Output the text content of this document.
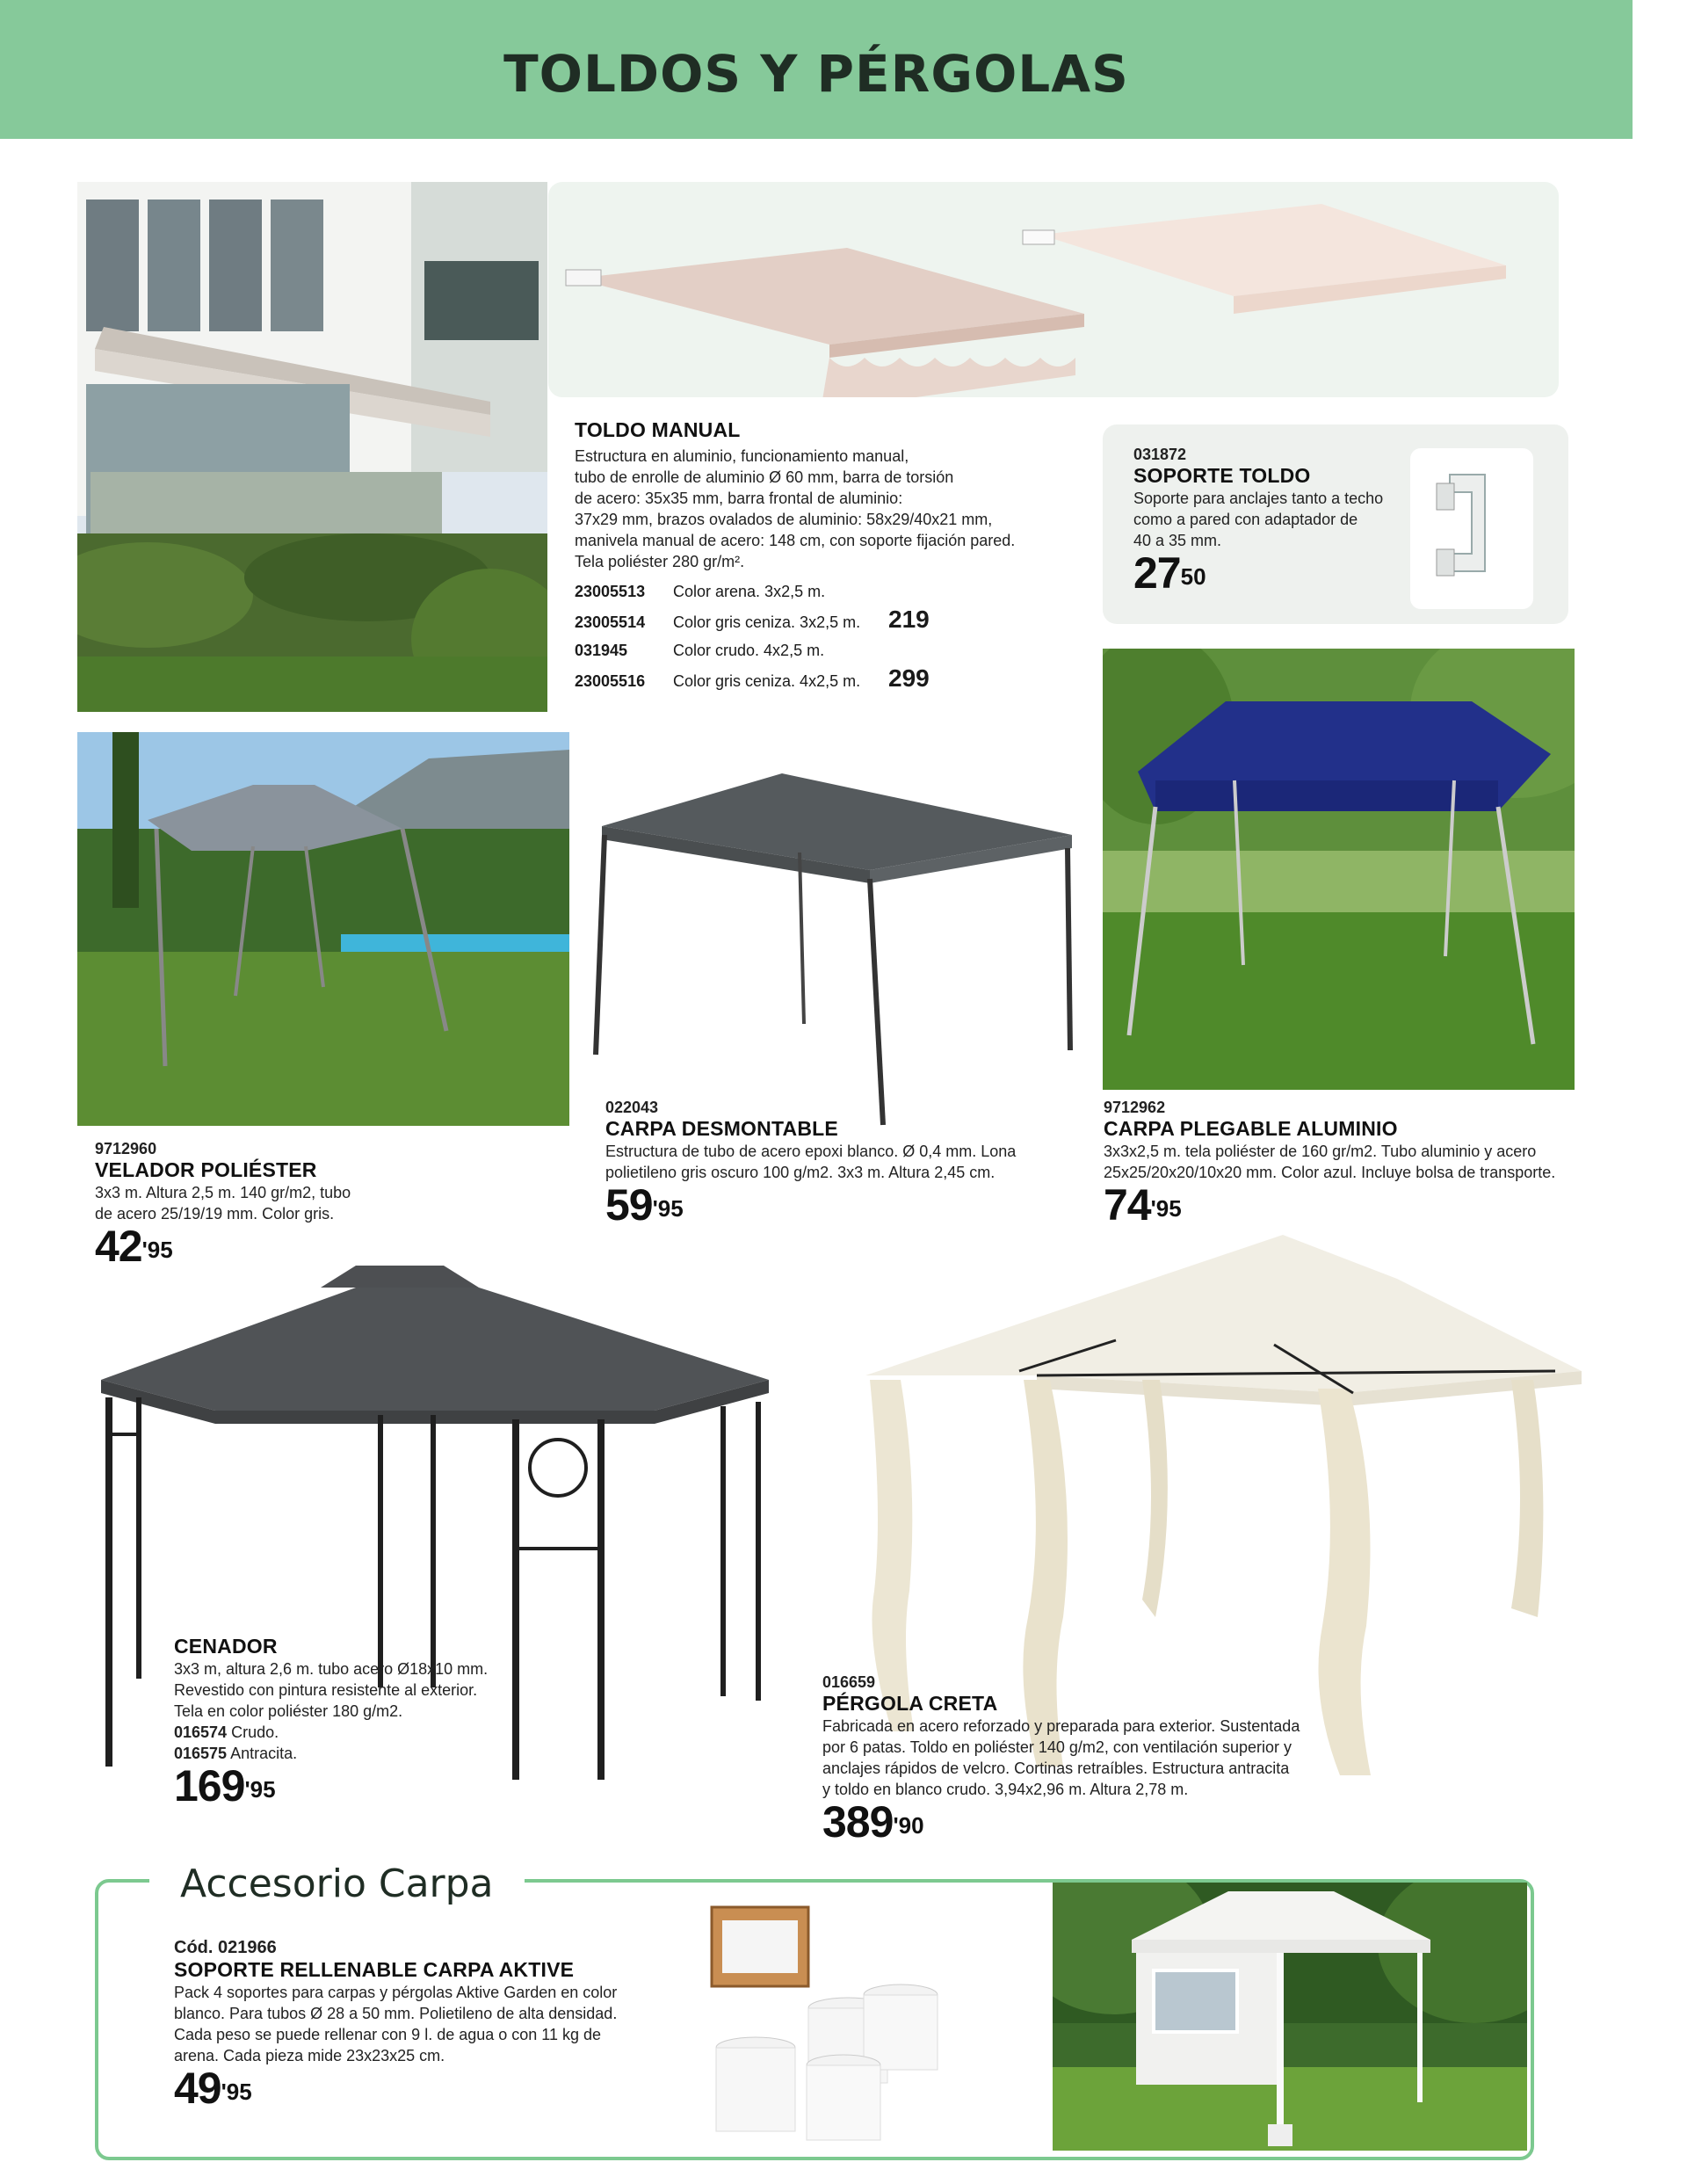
TOLDOS Y PÉRGOLAS
TOLDO MANUAL
Estructura en aluminio, funcionamiento manual,
tubo de enrolle de aluminio Ø 60 mm, barra de torsión
de acero: 35x35 mm, barra frontal de aluminio:
37x29 mm, brazos ovalados de aluminio: 58x29/40x21 mm,
manivela manual de acero: 148 cm, con soporte fijación pared.
Tela poliéster 280 gr/m².
23005513	Color arena. 3x2,5 m.
23005514	Color gris ceniza. 3x2,5 m.	219
031945	Color crudo. 4x2,5 m.
23005516	Color gris ceniza. 4x2,5 m.	299
031872
SOPORTE TOLDO
Soporte para anclajes tanto a techo
como a pared con adaptador de
40 a 35 mm.
$27^{50}$
9712960
VELADOR POLIÉSTER
3x3 m. Altura 2,5 m. 140 gr/m2, tubo
de acero 25/19/19 mm. Color gris.
$42^{'95}$
022043
CARPA DESMONTABLE
Estructura de tubo de acero epoxi blanco. Ø 0,4 mm. Lona
polietileno gris oscuro 100 g/m2. 3x3 m. Altura 2,45 cm.
$59^{'95}$
9712962
CARPA PLEGABLE ALUMINIO
3x3x2,5 m. tela poliéster de 160 gr/m2. Tubo aluminio y acero
25x25/20x20/10x20 mm. Color azul. Incluye bolsa de transporte.
$74^{'95}$
CENADOR
3x3 m, altura 2,6 m. tubo acero Ø18x10 mm.
Revestido con pintura resistente al exterior.
Tela en color poliéster 180 g/m2.
016574 Crudo.
016575 Antracita.
$169^{'95}$
016659
PÉRGOLA CRETA
Fabricada en acero reforzado y preparada para exterior. Sustentada
por 6 patas. Toldo en poliéster 140 g/m2, con ventilación superior y
anclajes rápidos de velcro. Cortinas retraíbles. Estructura antracita
y toldo en blanco crudo. 3,94x2,96 m. Altura 2,78 m.
$389^{'90}$
Accesorio Carpa
Cód. 021966
SOPORTE RELLENABLE CARPA AKTIVE
Pack 4 soportes para carpas y pérgolas Aktive Garden en color
blanco. Para tubos Ø 28 a 50 mm. Polietileno de alta densidad.
Cada peso se puede rellenar con 9 l. de agua o con 11 kg de
arena. Cada pieza mide 23x23x25 cm.
$49^{'95}$
